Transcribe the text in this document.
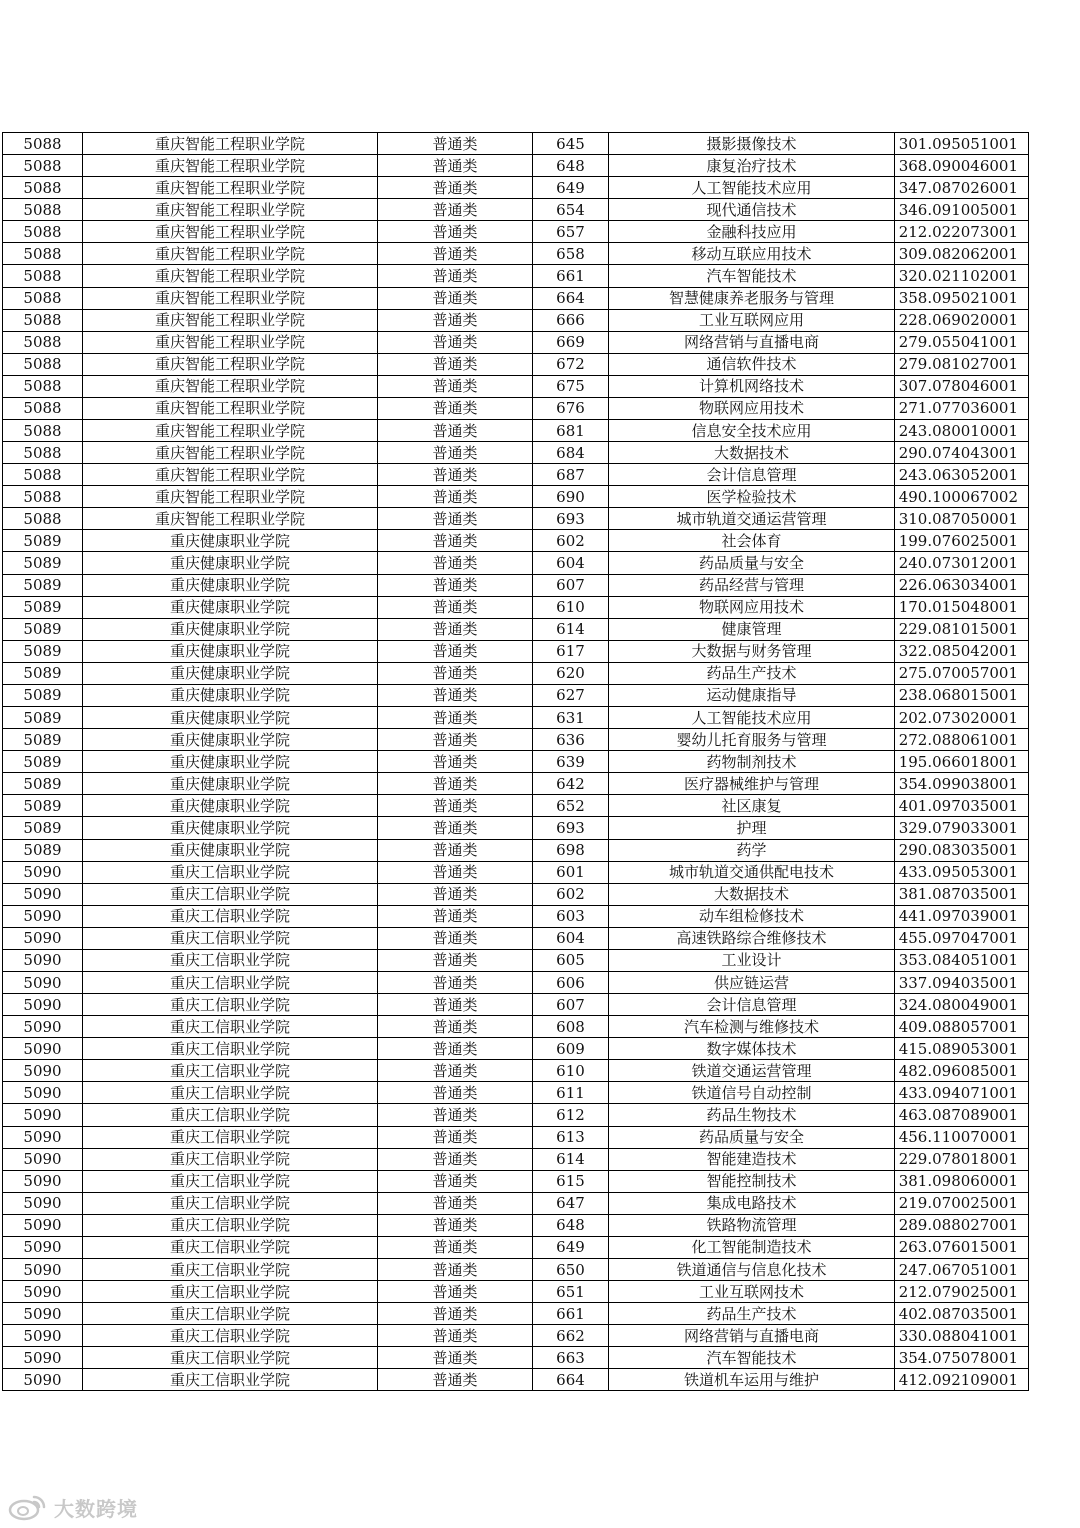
5088	重庆智能工程职业学院	普通类	645	摄影摄像技术	301.095051001
5088	重庆智能工程职业学院	普通类	648	康复治疗技术	368.090046001
5088	重庆智能工程职业学院	普通类	649	人工智能技术应用	347.087026001
5088	重庆智能工程职业学院	普通类	654	现代通信技术	346.091005001
5088	重庆智能工程职业学院	普通类	657	金融科技应用	212.022073001
5088	重庆智能工程职业学院	普通类	658	移动互联应用技术	309.082062001
5088	重庆智能工程职业学院	普通类	661	汽车智能技术	320.021102001
5088	重庆智能工程职业学院	普通类	664	智慧健康养老服务与管理	358.095021001
5088	重庆智能工程职业学院	普通类	666	工业互联网应用	228.069020001
5088	重庆智能工程职业学院	普通类	669	网络营销与直播电商	279.055041001
5088	重庆智能工程职业学院	普通类	672	通信软件技术	279.081027001
5088	重庆智能工程职业学院	普通类	675	计算机网络技术	307.078046001
5088	重庆智能工程职业学院	普通类	676	物联网应用技术	271.077036001
5088	重庆智能工程职业学院	普通类	681	信息安全技术应用	243.080010001
5088	重庆智能工程职业学院	普通类	684	大数据技术	290.074043001
5088	重庆智能工程职业学院	普通类	687	会计信息管理	243.063052001
5088	重庆智能工程职业学院	普通类	690	医学检验技术	490.100067002
5088	重庆智能工程职业学院	普通类	693	城市轨道交通运营管理	310.087050001
5089	重庆健康职业学院	普通类	602	社会体育	199.076025001
5089	重庆健康职业学院	普通类	604	药品质量与安全	240.073012001
5089	重庆健康职业学院	普通类	607	药品经营与管理	226.063034001
5089	重庆健康职业学院	普通类	610	物联网应用技术	170.015048001
5089	重庆健康职业学院	普通类	614	健康管理	229.081015001
5089	重庆健康职业学院	普通类	617	大数据与财务管理	322.085042001
5089	重庆健康职业学院	普通类	620	药品生产技术	275.070057001
5089	重庆健康职业学院	普通类	627	运动健康指导	238.068015001
5089	重庆健康职业学院	普通类	631	人工智能技术应用	202.073020001
5089	重庆健康职业学院	普通类	636	婴幼儿托育服务与管理	272.088061001
5089	重庆健康职业学院	普通类	639	药物制剂技术	195.066018001
5089	重庆健康职业学院	普通类	642	医疗器械维护与管理	354.099038001
5089	重庆健康职业学院	普通类	652	社区康复	401.097035001
5089	重庆健康职业学院	普通类	693	护理	329.079033001
5089	重庆健康职业学院	普通类	698	药学	290.083035001
5090	重庆工信职业学院	普通类	601	城市轨道交通供配电技术	433.095053001
5090	重庆工信职业学院	普通类	602	大数据技术	381.087035001
5090	重庆工信职业学院	普通类	603	动车组检修技术	441.097039001
5090	重庆工信职业学院	普通类	604	高速铁路综合维修技术	455.097047001
5090	重庆工信职业学院	普通类	605	工业设计	353.084051001
5090	重庆工信职业学院	普通类	606	供应链运营	337.094035001
5090	重庆工信职业学院	普通类	607	会计信息管理	324.080049001
5090	重庆工信职业学院	普通类	608	汽车检测与维修技术	409.088057001
5090	重庆工信职业学院	普通类	609	数字媒体技术	415.089053001
5090	重庆工信职业学院	普通类	610	铁道交通运营管理	482.096085001
5090	重庆工信职业学院	普通类	611	铁道信号自动控制	433.094071001
5090	重庆工信职业学院	普通类	612	药品生物技术	463.087089001
5090	重庆工信职业学院	普通类	613	药品质量与安全	456.110070001
5090	重庆工信职业学院	普通类	614	智能建造技术	229.078018001
5090	重庆工信职业学院	普通类	615	智能控制技术	381.098060001
5090	重庆工信职业学院	普通类	647	集成电路技术	219.070025001
5090	重庆工信职业学院	普通类	648	铁路物流管理	289.088027001
5090	重庆工信职业学院	普通类	649	化工智能制造技术	263.076015001
5090	重庆工信职业学院	普通类	650	铁道通信与信息化技术	247.067051001
5090	重庆工信职业学院	普通类	651	工业互联网技术	212.079025001
5090	重庆工信职业学院	普通类	661	药品生产技术	402.087035001
5090	重庆工信职业学院	普通类	662	网络营销与直播电商	330.088041001
5090	重庆工信职业学院	普通类	663	汽车智能技术	354.075078001
5090	重庆工信职业学院	普通类	664	铁道机车运用与维护	412.092109001
大数跨境
